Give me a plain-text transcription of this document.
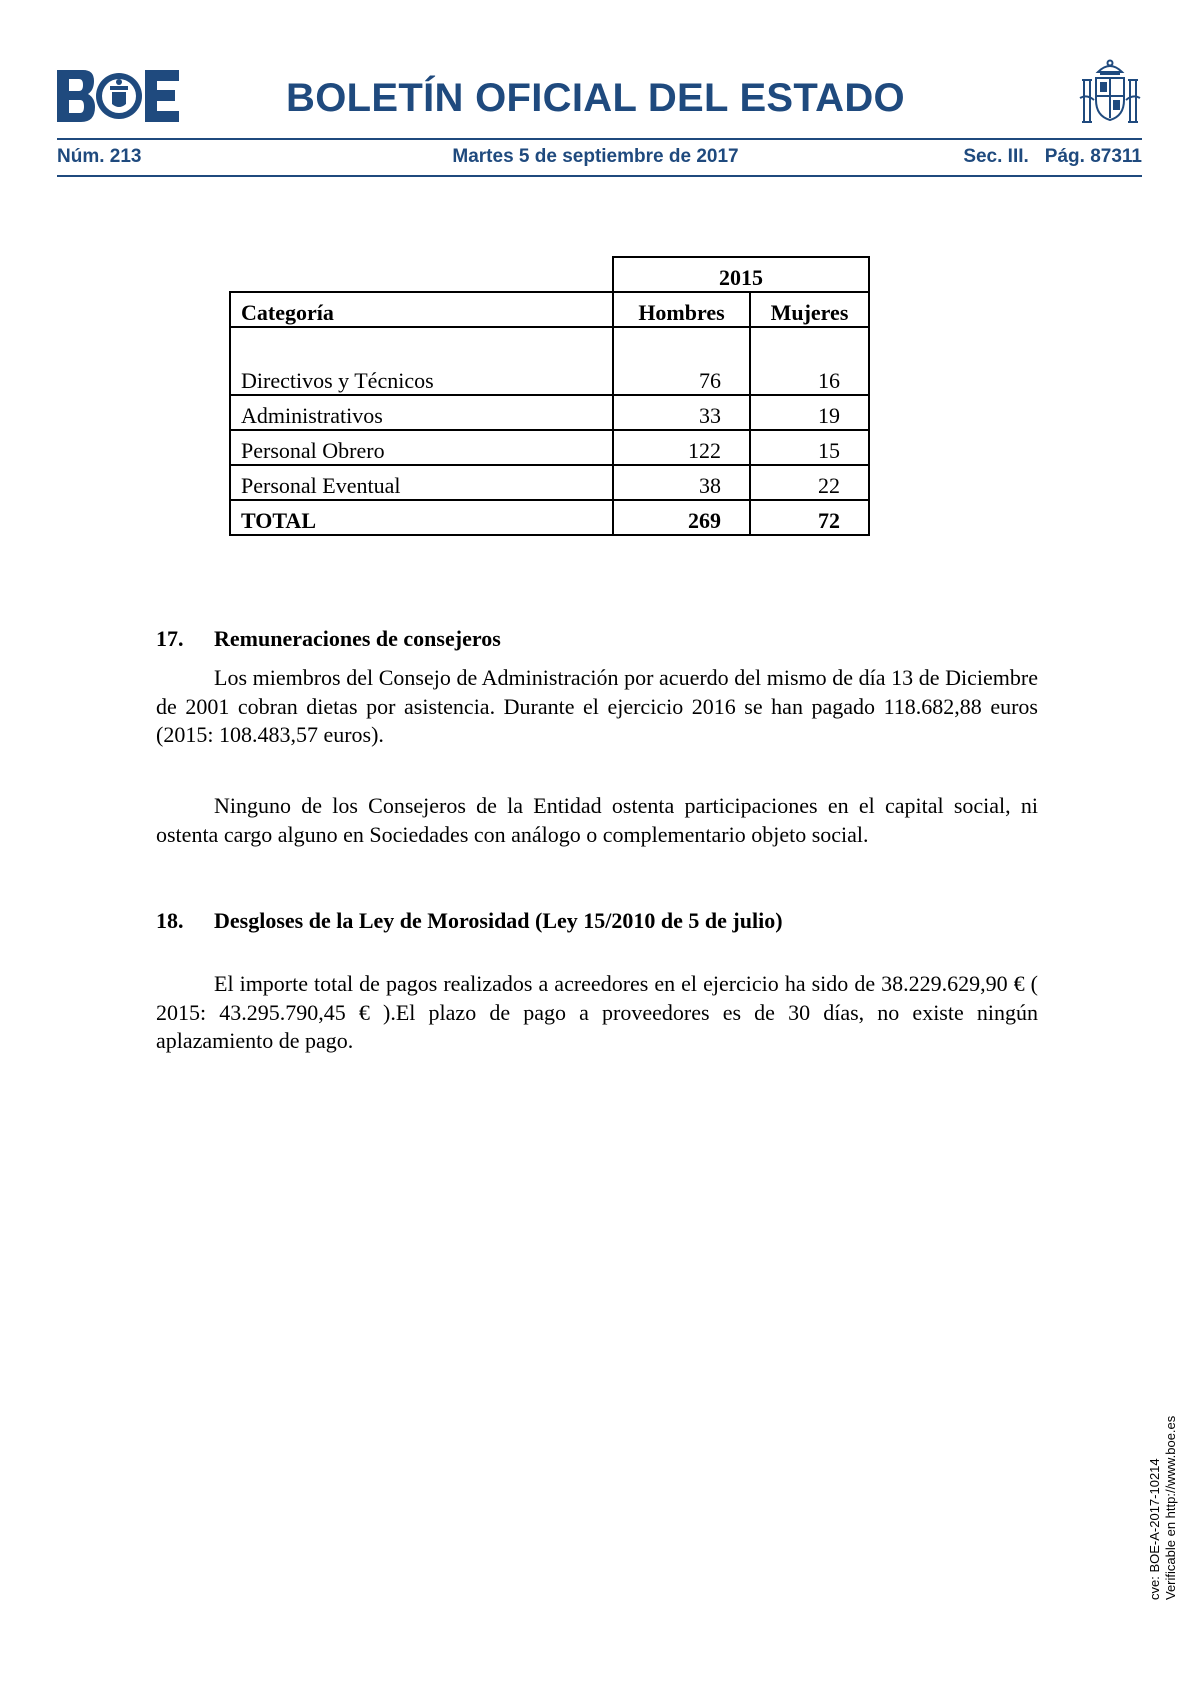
BOLETÍN OFICIAL DEL ESTADO
Núm. 213	Martes 5 de septiembre de 2017	Sec. III. Pág. 87311
	2015	
Categoría	Hombres	Mujeres
Directivos y Técnicos	76	16
Administrativos	33	19
Personal Obrero	122	15
Personal Eventual	38	22
TOTAL	269	72
17. Remuneraciones de consejeros

Los miembros del Consejo de Administración por acuerdo del mismo de día 13 de Diciembre de 2001 cobran dietas por asistencia. Durante el ejercicio 2016 se han pagado 118.682,88 euros (2015: 108.483,57 euros).

Ninguno de los Consejeros de la Entidad ostenta participaciones en el capital social, ni ostenta cargo alguno en Sociedades con análogo o complementario objeto social.

18. Desgloses de la Ley de Morosidad (Ley 15/2010 de 5 de julio)

El importe total de pagos realizados a acreedores en el ejercicio ha sido de 38.229.629,90 € ( 2015: 43.295.790,45 € ).El plazo de pago a proveedores es de 30 días, no existe ningún aplazamiento de pago.

cve: BOE-A-2017-10214 Verificable en http://www.boe.es
